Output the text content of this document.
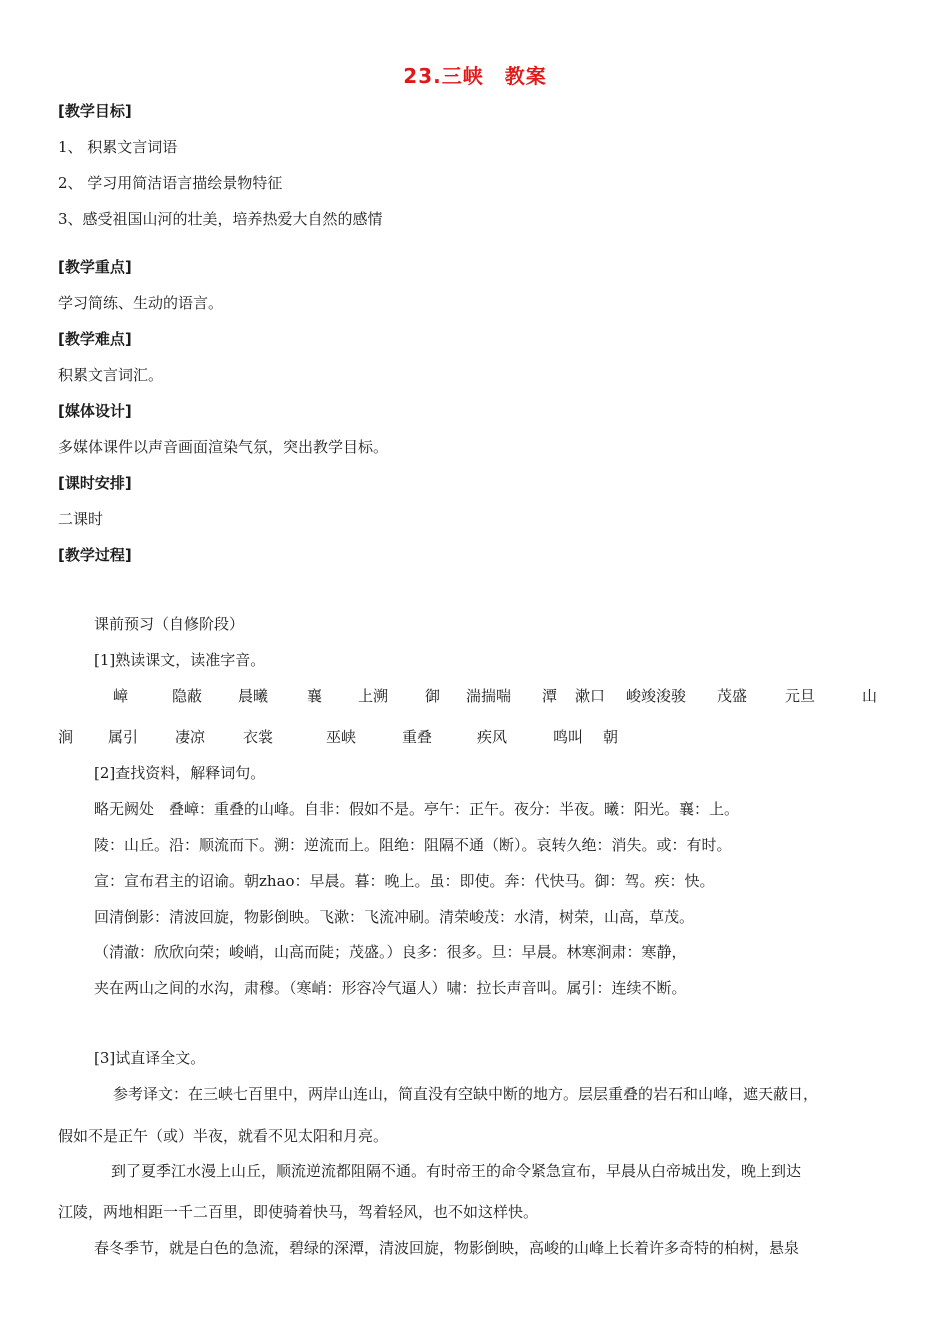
23.三峡　教案
[教学目标]
1、 积累文言词语
2、 学习用简洁语言描绘景物特征
3、感受祖国山河的壮美，培养热爱大自然的感情
[教学重点]
学习简练、生动的语言。
[教学难点]
积累文言词汇。
[媒体设计]
多媒体课件以声音画面渲染气氛，突出教学目标。
[课时安排]
二课时
[教学过程]
课前预习（自修阶段）
[1]熟读课文，读准字音。
嶂	隐蔽 晨曦	襄 上溯 御 湍揣喘 潭 漱口 峻竣浚骏 茂盛	元旦	山
涧 属引 凄凉	衣裳	巫峡	重叠	疾风	鸣叫 朝
[2]查找资料，解释词句。
略无阙处　叠嶂：重叠的山峰。自非：假如不是。亭午：正午。夜分：半夜。曦：阳光。襄：上。
陵：山丘。沿：顺流而下。溯：逆流而上。阻绝：阻隔不通（断）。哀转久绝：消失。或：有时。
宣：宣布君主的诏谕。朝zhao：早晨。暮：晚上。虽：即使。奔：代快马。御：驾。疾：快。
回清倒影：清波回旋，物影倒映。飞漱：飞流冲刷。清荣峻茂：水清，树荣，山高，草茂。
（清澈：欣欣向荣；峻峭，山高而陡；茂盛。）良多：很多。旦：早晨。林寒涧肃：寒静，
夹在两山之间的水沟，肃穆。（寒峭：形容冷气逼人）啸：拉长声音叫。属引：连续不断。
[3]试直译全文。
参考译文：在三峡七百里中，两岸山连山，简直没有空缺中断的地方。层层重叠的岩石和山峰，遮天蔽日，
假如不是正午（或）半夜，就看不见太阳和月亮。
到了夏季江水漫上山丘，顺流逆流都阻隔不通。有时帝王的命令紧急宣布，早晨从白帝城出发，晚上到达
江陵，两地相距一千二百里，即使骑着快马，驾着轻风，也不如这样快。
春冬季节，就是白色的急流，碧绿的深潭，清波回旋，物影倒映，高峻的山峰上长着许多奇特的柏树，悬泉
